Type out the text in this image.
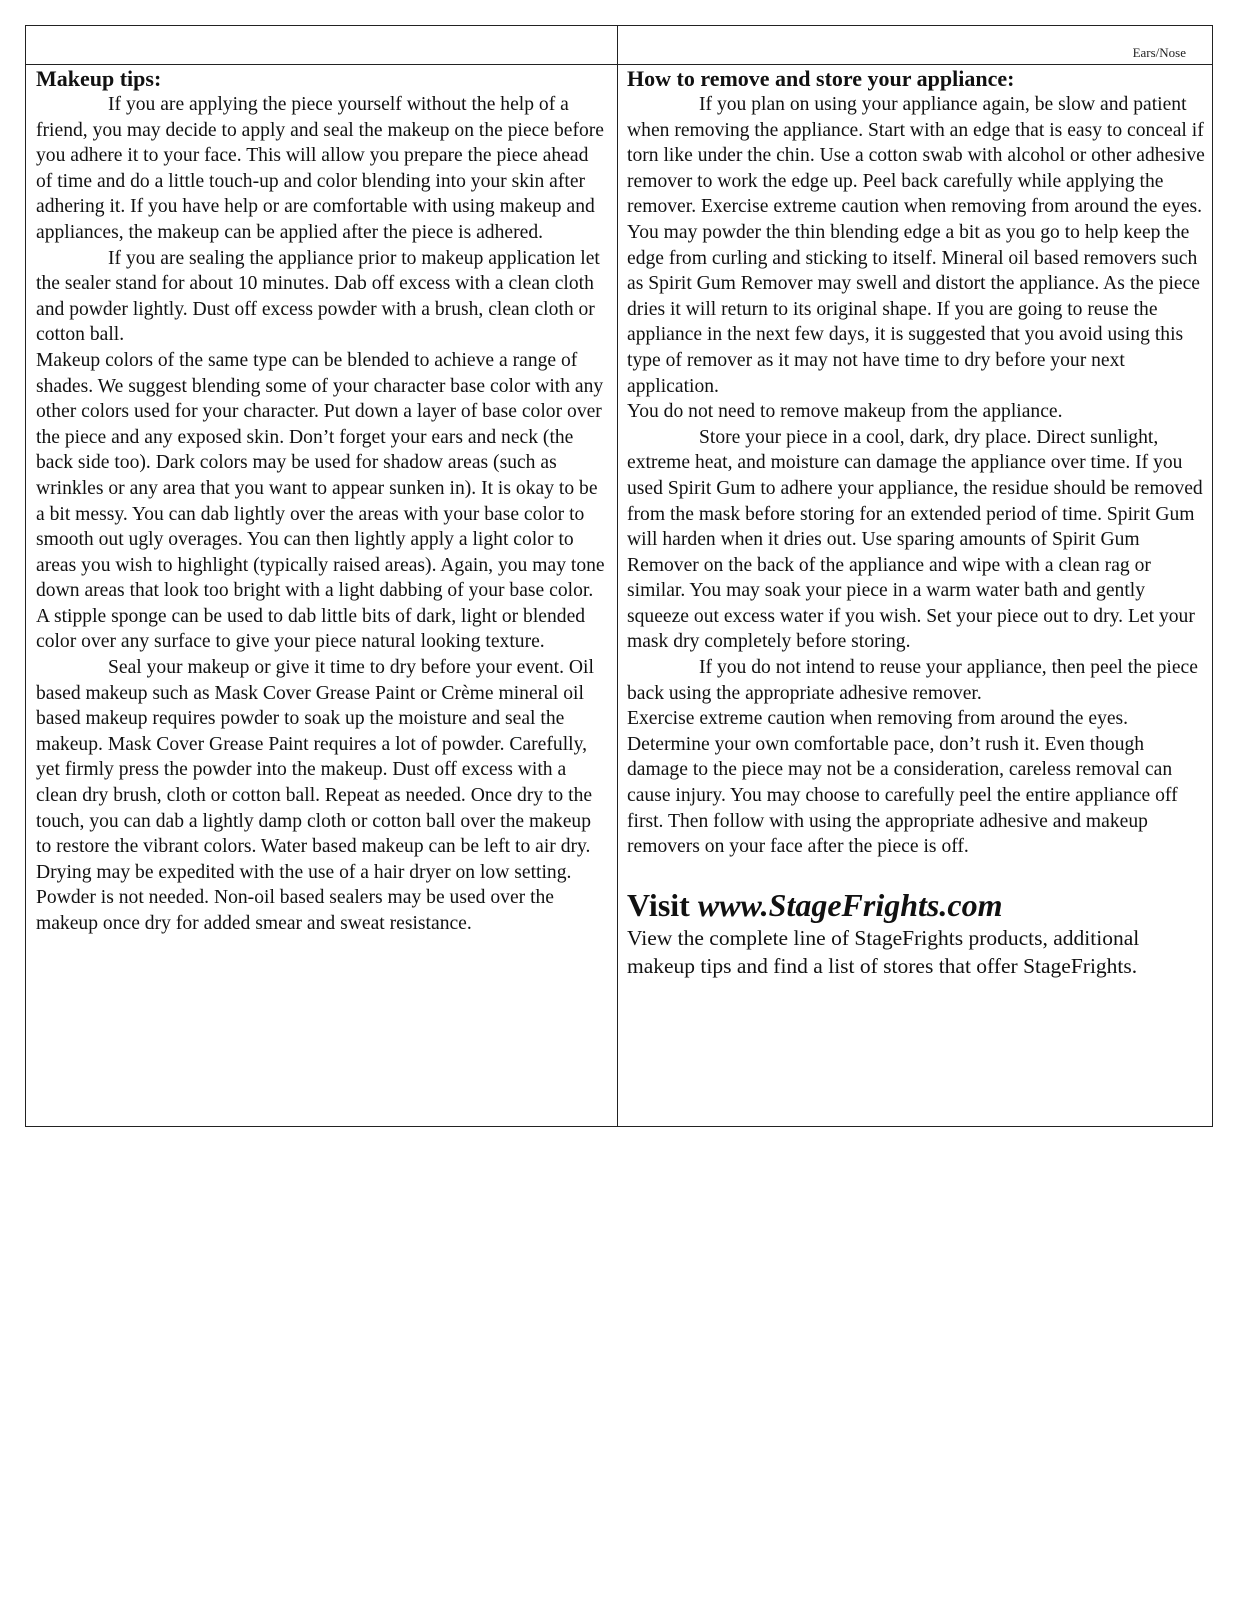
Ears/Nose
Makeup tips:

If you are applying the piece yourself without the help of a friend, you may decide to apply and seal the makeup on the piece before you adhere it to your face. This will allow you prepare the piece ahead of time and do a little touch-up and color blending into your skin after adhering it. If you have help or are comfortable with using makeup and appliances, the makeup can be applied after the piece is adhered.

If you are sealing the appliance prior to makeup application let the sealer stand for about 10 minutes. Dab off excess with a clean cloth and powder lightly. Dust off excess powder with a brush, clean cloth or cotton ball.

Makeup colors of the same type can be blended to achieve a range of shades. We suggest blending some of your character base color with any other colors used for your character. Put down a layer of base color over the piece and any exposed skin. Don’t forget your ears and neck (the back side too). Dark colors may be used for shadow areas (such as wrinkles or any area that you want to appear sunken in). It is okay to be a bit messy. You can dab lightly over the areas with your base color to smooth out ugly overages. You can then lightly apply a light color to areas you wish to highlight (typically raised areas). Again, you may tone down areas that look too bright with a light dabbing of your base color. A stipple sponge can be used to dab little bits of dark, light or blended color over any surface to give your piece natural looking texture.

Seal your makeup or give it time to dry before your event. Oil based makeup such as Mask Cover Grease Paint or Crème mineral oil based makeup requires powder to soak up the moisture and seal the makeup. Mask Cover Grease Paint requires a lot of powder. Carefully, yet firmly press the powder into the makeup. Dust off excess with a clean dry brush, cloth or cotton ball. Repeat as needed. Once dry to the touch, you can dab a lightly damp cloth or cotton ball over the makeup to restore the vibrant colors. Water based makeup can be left to air dry. Drying may be expedited with the use of a hair dryer on low setting. Powder is not needed. Non-oil based sealers may be used over the makeup once dry for added smear and sweat resistance.

How to remove and store your appliance:

If you plan on using your appliance again, be slow and patient when removing the appliance. Start with an edge that is easy to conceal if torn like under the chin. Use a cotton swab with alcohol or other adhesive remover to work the edge up. Peel back carefully while applying the remover. Exercise extreme caution when removing from around the eyes. You may powder the thin blending edge a bit as you go to help keep the edge from curling and sticking to itself. Mineral oil based removers such as Spirit Gum Remover may swell and distort the appliance. As the piece dries it will return to its original shape. If you are going to reuse the appliance in the next few days, it is suggested that you avoid using this type of remover as it may not have time to dry before your next application.

You do not need to remove makeup from the appliance.

Store your piece in a cool, dark, dry place. Direct sunlight, extreme heat, and moisture can damage the appliance over time. If you used Spirit Gum to adhere your appliance, the residue should be removed from the mask before storing for an extended period of time. Spirit Gum will harden when it dries out. Use sparing amounts of Spirit Gum Remover on the back of the appliance and wipe with a clean rag or similar. You may soak your piece in a warm water bath and gently squeeze out excess water if you wish. Set your piece out to dry. Let your mask dry completely before storing.

If you do not intend to reuse your appliance, then peel the piece back using the appropriate adhesive remover.

Exercise extreme caution when removing from around the eyes. Determine your own comfortable pace, don’t rush it. Even though damage to the piece may not be a consideration, careless removal can cause injury. You may choose to carefully peel the entire appliance off first. Then follow with using the appropriate adhesive and makeup removers on your face after the piece is off.

Visit www.StageFrights.com
View the complete line of StageFrights products, additional makeup tips and find a list of stores that offer StageFrights.
